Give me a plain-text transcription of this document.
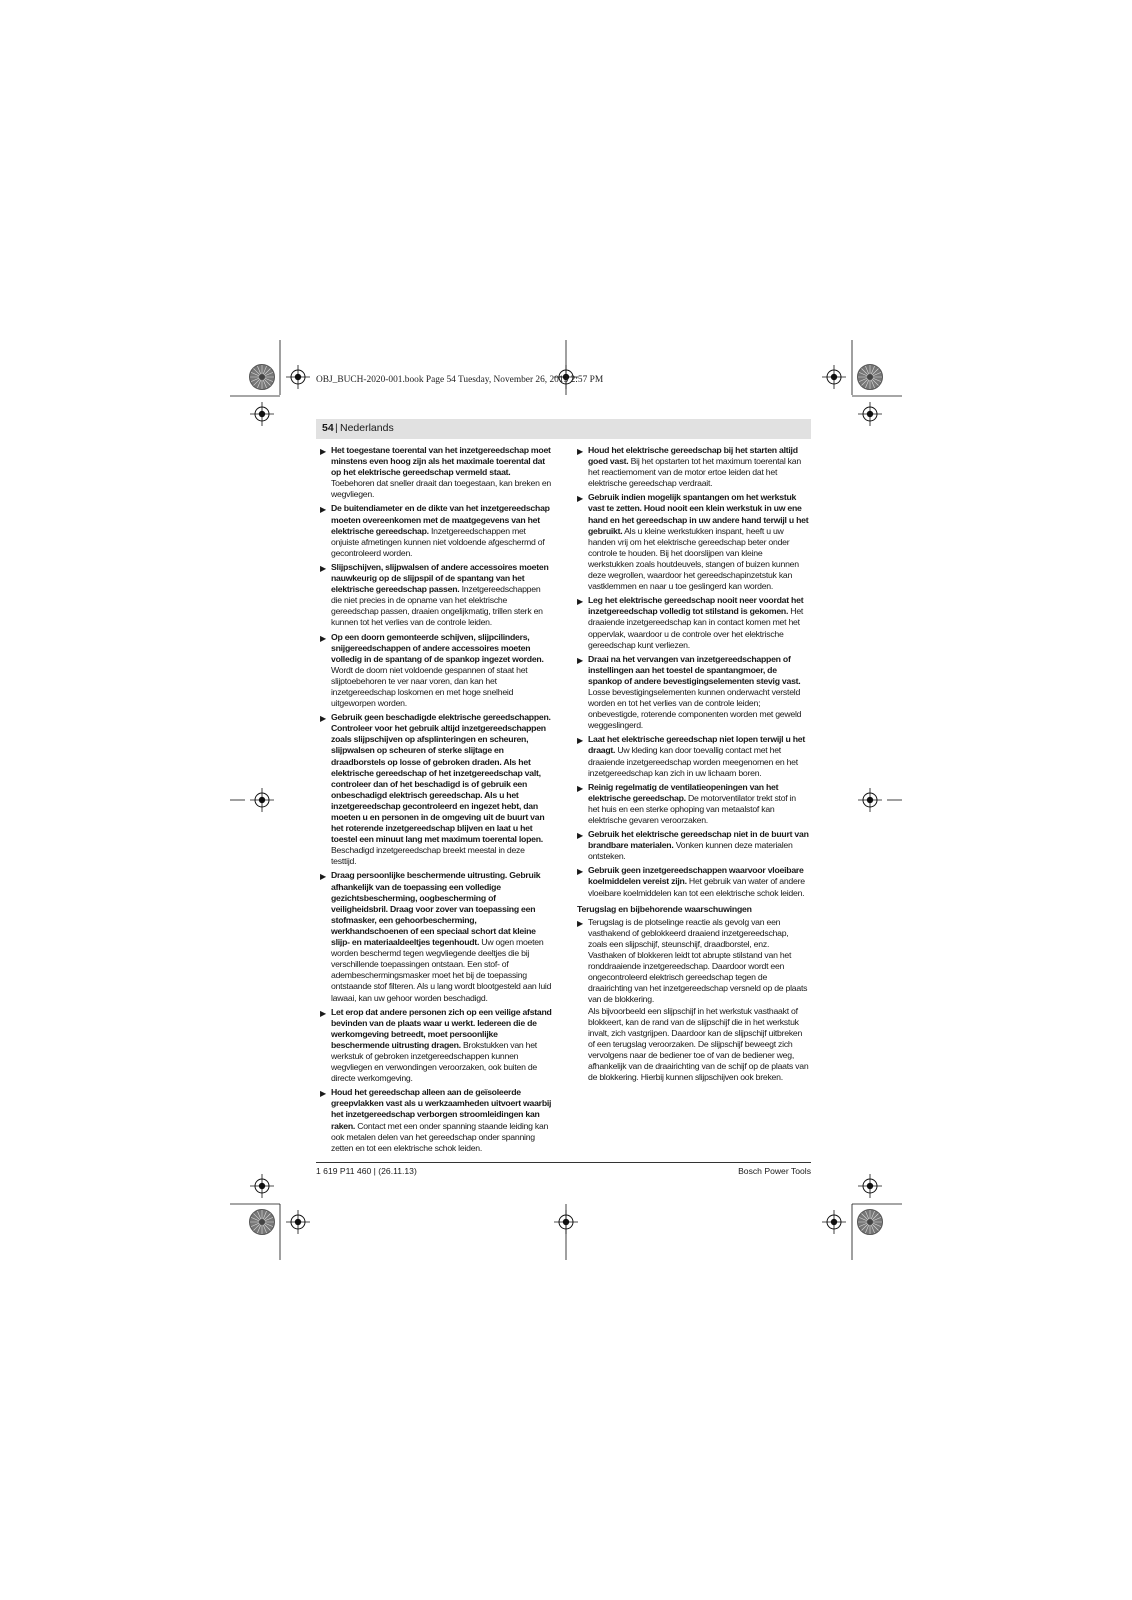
OBJ_BUCH-2020-001.book Page 54 Tuesday, November 26, 2013 2:57 PM
54 | Nederlands
▶ Het toegestane toerental van het inzetgereedschap moet minstens even hoog zijn als het maximale toerental dat op het elektrische gereedschap vermeld staat. Toebehoren dat sneller draait dan toegestaan, kan breken en wegvliegen.
▶ De buitendiameter en de dikte van het inzetgereedschap moeten overeenkomen met de maatgegevens van het elektrische gereedschap. Inzetgereedschappen met onjuiste afmetingen kunnen niet voldoende afgeschermd of gecontroleerd worden.
▶ Slijpschijven, slijpwalsen of andere accessoires moeten nauwkeurig op de slijpspil of de spantang van het elektrische gereedschap passen. Inzetgereedschappen die niet precies in de opname van het elektrische gereedschap passen, draaien ongelijkmatig, trillen sterk en kunnen tot het verlies van de controle leiden.
▶ Op een doorn gemonteerde schijven, slijpcilinders, snijgereedschappen of andere accessoires moeten volledig in de spantang of de spankop ingezet worden. Wordt de doorn niet voldoende gespannen of staat het slijptoebehoren te ver naar voren, dan kan het inzetgereedschap loskomen en met hoge snelheid uitgeworpen worden.
▶ Gebruik geen beschadigde elektrische gereedschappen. Controleer voor het gebruik altijd inzetgereedschappen zoals slijpschijven op afsplinteringen en scheuren, slijpwalsen op scheuren of sterke slijtage en draadborstels op losse of gebroken draden. Als het elektrische gereedschap of het inzetgereedschap valt, controleer dan of het beschadigd is of gebruik een onbeschadigd elektrisch gereedschap. Als u het inzetgereedschap gecontroleerd en ingezet hebt, dan moeten u en personen in de omgeving uit de buurt van het roterende inzetgereedschap blijven en laat u het toestel een minuut lang met maximum toerental lopen. Beschadigd inzetgereedschap breekt meestal in deze testtijd.
▶ Draag persoonlijke beschermende uitrusting. Gebruik afhankelijk van de toepassing een volledige gezichtsbescherming, oogbescherming of veiligheidsbril. Draag voor zover van toepassing een stofmasker, een gehoorbescherming, werkhandschoenen of een speciaal schort dat kleine slijp- en materiaaldeeltjes tegenhoudt. Uw ogen moeten worden beschermd tegen wegvliegende deeltjes die bij verschillende toepassingen ontstaan. Een stof- of adembeschermingsmasker moet het bij de toepassing ontstaande stof filteren. Als u lang wordt blootgesteld aan luid lawaai, kan uw gehoor worden beschadigd.
▶ Let erop dat andere personen zich op een veilige afstand bevinden van de plaats waar u werkt. Iedereen die de werkomgeving betreedt, moet persoonlijke beschermende uitrusting dragen. Brokstukken van het werkstuk of gebroken inzetgereedschappen kunnen wegvliegen en verwondingen veroorzaken, ook buiten de directe werkomgeving.
▶ Houd het gereedschap alleen aan de geïsoleerde greepvlakken vast als u werkzaamheden uitvoert waarbij het inzetgereedschap verborgen stroomleidingen kan raken. Contact met een onder spanning staande leiding kan ook metalen delen van het gereedschap onder spanning zetten en tot een elektrische schok leiden.
▶ Houd het elektrische gereedschap bij het starten altijd goed vast. Bij het opstarten tot het maximum toerental kan het reactiemoment van de motor ertoe leiden dat het elektrische gereedschap verdraait.
▶ Gebruik indien mogelijk spantangen om het werkstuk vast te zetten. Houd nooit een klein werkstuk in uw ene hand en het gereedschap in uw andere hand terwijl u het gebruikt. Als u kleine werkstukken inspant, heeft u uw handen vrij om het elektrische gereedschap beter onder controle te houden. Bij het doorslijpen van kleine werkstukken zoals houtdeuvels, stangen of buizen kunnen deze wegrollen, waardoor het gereedschapinzetstuk kan vastklemmen en naar u toe geslingerd kan worden.
▶ Leg het elektrische gereedschap nooit neer voordat het inzetgereedschap volledig tot stilstand is gekomen. Het draaiende inzetgereedschap kan in contact komen met het oppervlak, waardoor u de controle over het elektrische gereedschap kunt verliezen.
▶ Draai na het vervangen van inzetgereedschappen of instellingen aan het toestel de spantangmoer, de spankop of andere bevestigingselementen stevig vast. Losse bevestigingselementen kunnen onderwacht versteld worden en tot het verlies van de controle leiden; onbevestigde, roterende componenten worden met geweld weggeslingerd.
▶ Laat het elektrische gereedschap niet lopen terwijl u het draagt. Uw kleding kan door toevallig contact met het draaiende inzetgereedschap worden meegenomen en het inzetgereedschap kan zich in uw lichaam boren.
▶ Reinig regelmatig de ventilatieopeningen van het elektrische gereedschap. De motorventilator trekt stof in het huis en een sterke ophoping van metaalstof kan elektrische gevaren veroorzaken.
▶ Gebruik het elektrische gereedschap niet in de buurt van brandbare materialen. Vonken kunnen deze materialen ontsteken.
▶ Gebruik geen inzetgereedschappen waarvoor vloeibare koelmiddelen vereist zijn. Het gebruik van water of andere vloeibare koelmiddelen kan tot een elektrische schok leiden.
Terugslag en bijbehorende waarschuwingen
▶ Terugslag is de plotselinge reactie als gevolg van een vasthakend of geblokkeerd draaiend inzetgereedschap, zoals een slijpschijf, steunschijf, draadborstel, enz. Vasthaken of blokkeren leidt tot abrupte stilstand van het ronddraaiende inzetgereedschap. Daardoor wordt een ongecontroleerd elektrisch gereedschap tegen de draairichting van het inzetgereedschap versneld op de plaats van de blokkering.
Als bijvoorbeeld een slijpschijf in het werkstuk vasthaakt of blokkeert, kan de rand van de slijpschijf die in het werkstuk invalt, zich vastgrijpen. Daardoor kan de slijpschijf uitbreken of een terugslag veroorzaken. De slijpschijf beweegt zich vervolgens naar de bediener toe of van de bediener weg, afhankelijk van de draairichting van de schijf op de plaats van de blokkering. Hierbij kunnen slijpschijven ook breken.
1 619 P11 460 | (26.11.13)	Bosch Power Tools
